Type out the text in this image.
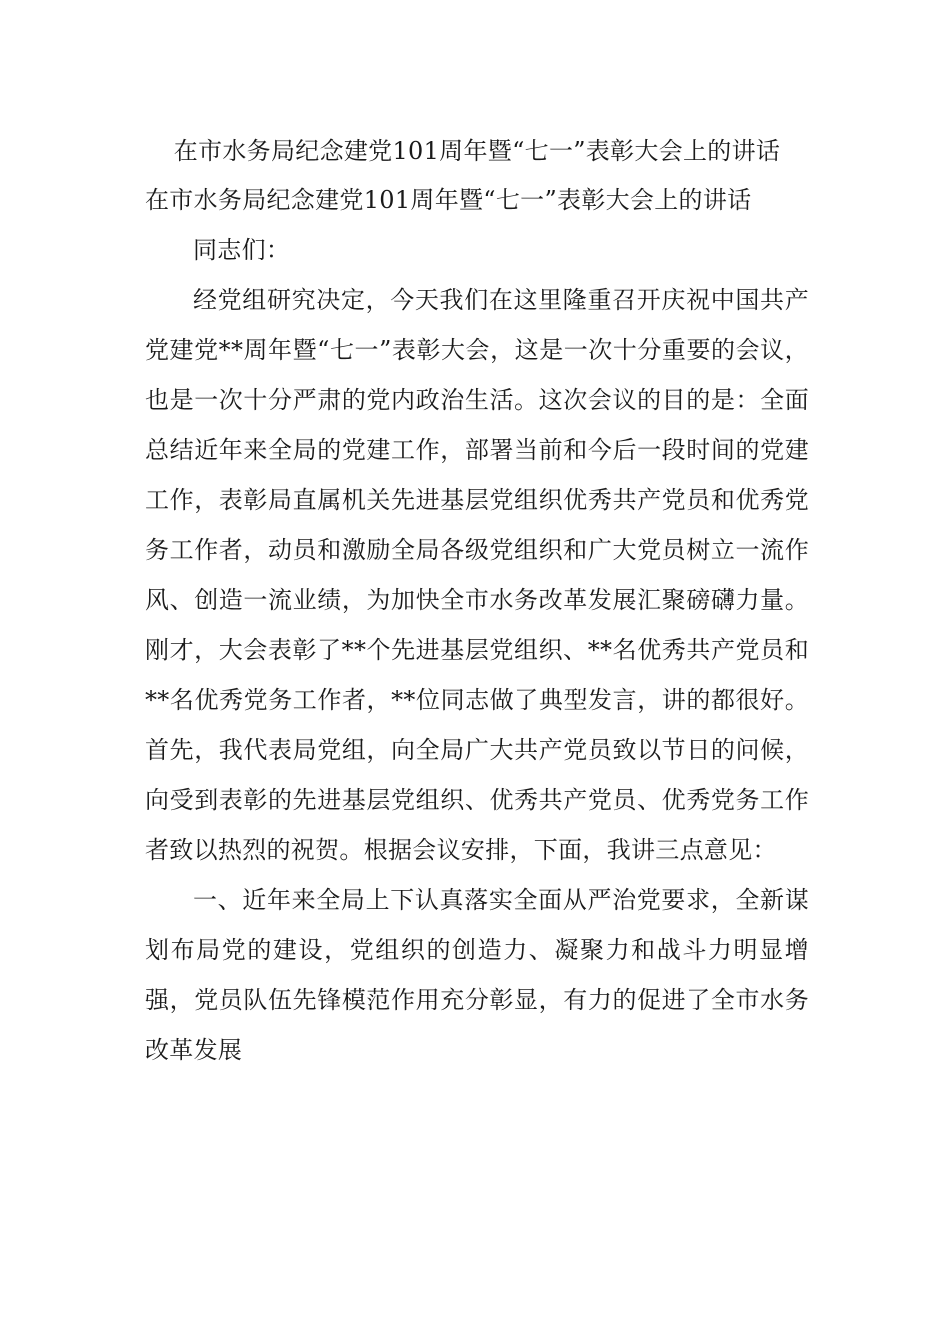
在市水务局纪念建党101周年暨“七一”表彰大会上的讲话

在市水务局纪念建党101周年暨“七一”表彰大会上的讲话

同志们：

经党组研究决定，今天我们在这里隆重召开庆祝中国共产党建党**周年暨“七一”表彰大会，这是一次十分重要的会议，也是一次十分严肃的党内政治生活。这次会议的目的是：全面总结近年来全局的党建工作，部署当前和今后一段时间的党建工作，表彰局直属机关先进基层党组织优秀共产党员和优秀党务工作者，动员和激励全局各级党组织和广大党员树立一流作风、创造一流业绩，为加快全市水务改革发展汇聚磅礴力量。刚才，大会表彰了**个先进基层党组织、**名优秀共产党员和**名优秀党务工作者，**位同志做了典型发言，讲的都很好。首先，我代表局党组，向全局广大共产党员致以节日的问候，向受到表彰的先进基层党组织、优秀共产党员、优秀党务工作者致以热烈的祝贺。根据会议安排，下面，我讲三点意见：

一、近年来全局上下认真落实全面从严治党要求，全新谋划布局党的建设，党组织的创造力、凝聚力和战斗力明显增强，党员队伍先锋模范作用充分彰显，有力的促进了全市水务改革发展
